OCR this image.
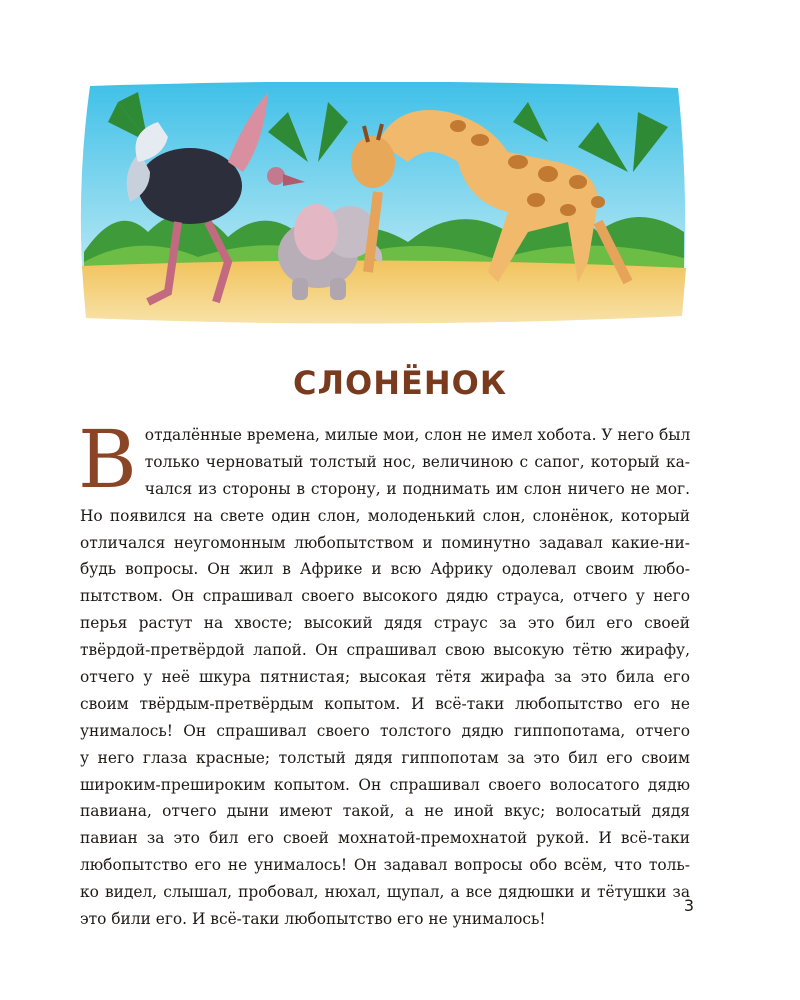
СЛОНЁНОК
В отдалённые времена, милые мои, слон не имел хобота. У него был
только черноватый толстый нос, величиною с сапог, который ка-
чался из стороны в сторону, и поднимать им слон ничего не мог.
Но появился на свете один слон, молоденький слон, слонёнок, который
отличался неугомонным любопытством и поминутно задавал какие-ни-
будь вопросы. Он жил в Африке и всю Африку одолевал своим любо-
пытством. Он спрашивал своего высокого дядю страуса, отчего у него
перья растут на хвосте; высокий дядя страус за это бил его своей
твёрдой-претвёрдой лапой. Он спрашивал свою высокую тётю жирафу,
отчего у неё шкура пятнистая; высокая тётя жирафа за это била его
своим твёрдым-претвёрдым копытом. И всё-таки любопытство его не
унималось! Он спрашивал своего толстого дядю гиппопотама, отчего
у него глаза красные; толстый дядя гиппопотам за это бил его своим
широким-прешироким копытом. Он спрашивал своего волосатого дядю
павиана, отчего дыни имеют такой, а не иной вкус; волосатый дядя
павиан за это бил его своей мохнатой-премохнатой рукой. И всё-таки
любопытство его не унималось! Он задавал вопросы обо всём, что толь-
ко видел, слышал, пробовал, нюхал, щупал, а все дядюшки и тётушки за
это били его. И всё-таки любопытство его не унималось!
3
